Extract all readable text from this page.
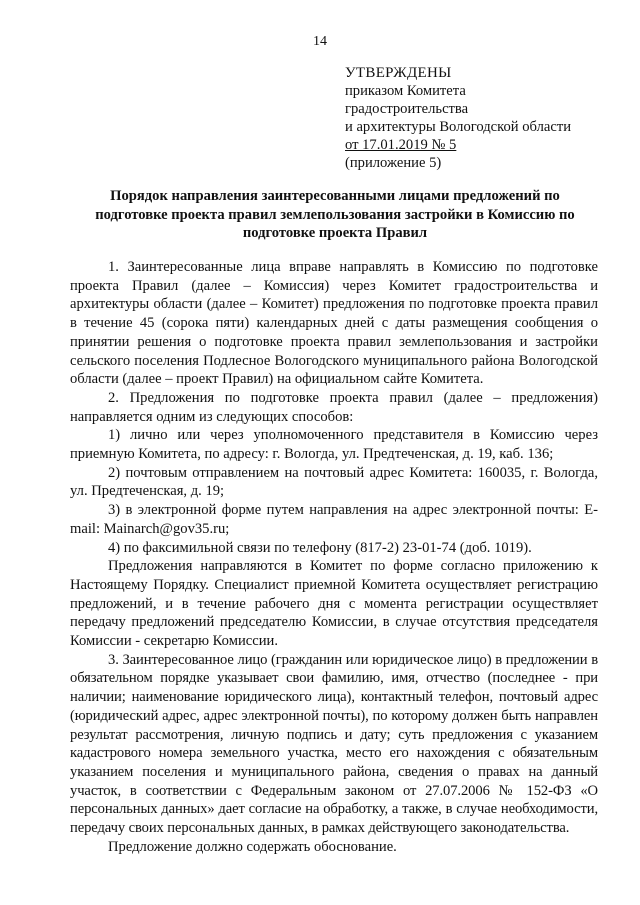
14
УТВЕРЖДЕНЫ
приказом Комитета
градостроительства
и архитектуры Вологодской области
от 17.01.2019 № 5
(приложение 5)
Порядок направления заинтересованными лицами предложений по подготовке проекта правил землепользования застройки в Комиссию по подготовке проекта Правил

1. Заинтересованные лица вправе направлять в Комиссию по подготовке проекта Правил (далее – Комиссия) через Комитет градостроительства и архитектуры области (далее – Комитет) предложения по подготовке проекта правил в течение 45 (сорока пяти) календарных дней с даты размещения сообщения о принятии решения о подготовке проекта правил землепользования и застройки сельского поселения Подлесное Вологодского муниципального района Вологодской области (далее – проект Правил) на официальном сайте Комитета.

2. Предложения по подготовке проекта правил (далее – предложения) направляется одним из следующих способов:

1) лично или через уполномоченного представителя в Комиссию через приемную Комитета, по адресу: г. Вологда, ул. Предтеченская, д. 19, каб. 136;

2) почтовым отправлением на почтовый адрес Комитета: 160035, г. Вологда, ул. Предтеченская, д. 19;

3) в электронной форме путем направления на адрес электронной почты: E-mail: Mainarch@gov35.ru;

4) по факсимильной связи по телефону (817-2) 23-01-74 (доб. 1019).

Предложения направляются в Комитет по форме согласно приложению к Настоящему Порядку. Специалист приемной Комитета осуществляет регистрацию предложений, и в течение рабочего дня с момента регистрации осуществляет передачу предложений председателю Комиссии, в случае отсутствия председателя Комиссии - секретарю Комиссии.

3. Заинтересованное лицо (гражданин или юридическое лицо) в предложении в обязательном порядке указывает свои фамилию, имя, отчество (последнее - при наличии; наименование юридического лица), контактный телефон, почтовый адрес (юридический адрес, адрес электронной почты), по которому должен быть направлен результат рассмотрения, личную подпись и дату; суть предложения с указанием кадастрового номера земельного участка, место его нахождения с обязательным указанием поселения и муниципального района, сведения о правах на данный участок, в соответствии с Федеральным законом от 27.07.2006 № 152-ФЗ «О персональных данных» дает согласие на обработку, а также, в случае необходимости, передачу своих персональных данных, в рамках действующего законодательства.

Предложение должно содержать обоснование.
